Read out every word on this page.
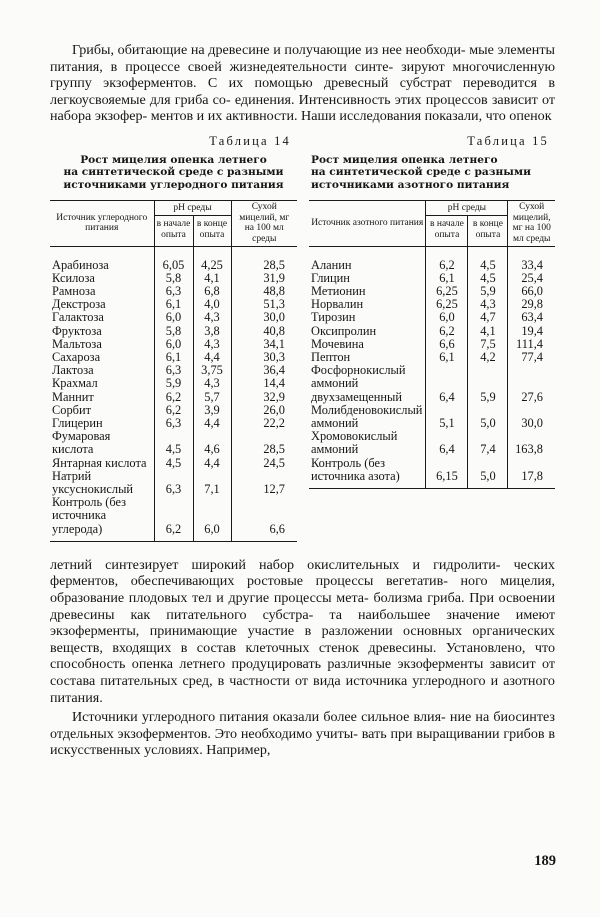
Грибы, обитающие на древесине и получающие из нее необходи- мые элементы питания, в процессе своей жизнедеятельности синте- зируют многочисленную группу экзоферментов. С их помощью древесный субстрат переводится в легкоусвояемые для гриба со- единения. Интенсивность этих процессов зависит от набора экзофер- ментов и их активности. Наши исследования показали, что опенок

Таблица 14

Рост мицелия опенка летнего
на синтетической среде с разными
источниками углеродного питания

Источник углеродного питания	pH среды		Сухой мицелий, мг на 100 мл среды
	в начале опыта	в конце опыта	
Арабиноза	6,05	4,25	28,5
Ксилоза	5,8	4,1	31,9
Рамноза	6,3	6,8	48,8
Декстроза	6,1	4,0	51,3
Галактоза	6,0	4,3	30,0
Фруктоза	5,8	3,8	40,8
Мальтоза	6,0	4,3	34,1
Сахароза	6,1	4,4	30,3
Лактоза	6,3	3,75	36,4
Крахмал	5,9	4,3	14,4
Маннит	6,2	5,7	32,9
Сорбит	6,2	3,9	26,0
Глицерин	6,3	4,4	22,2
Фумаровая кислота	4,5	4,6	28,5
Янтарная кислота	4,5	4,4	24,5
Натрий уксуснокислый	6,3	7,1	12,7
Контроль (без источника углерода)	6,2	6,0	6,6

Таблица 15

Рост мицелия опенка летнего
на синтетической среде с разными
источниками азотного питания

Источник азотного питания	pH среды		Сухой мицелий, мг на 100 мл среды
	в начале опыта	в конце опыта	
Аланин	6,2	4,5	33,4
Глицин	6,1	4,5	25,4
Метионин	6,25	5,9	66,0
Норвалин	6,25	4,3	29,8
Тирозин	6,0	4,7	63,4
Оксипролин	6,2	4,1	19,4
Мочевина	6,6	7,5	111,4
Пептон	6,1	4,2	77,4
Фосфорнокислый аммоний двухзамещенный	6,4	5,9	27,6
Молибденовокислый аммоний	5,1	5,0	30,0
Хромовокислый аммоний	6,4	7,4	163,8
Контроль (без источника азота)	6,15	5,0	17,8

летний синтезирует широкий набор окислительных и гидролити- ческих ферментов, обеспечивающих ростовые процессы вегетатив- ного мицелия, образование плодовых тел и другие процессы мета- болизма гриба. При освоении древесины как питательного субстра- та наибольшее значение имеют экзоферменты, принимающие участие в разложении основных органических веществ, входящих в состав клеточных стенок древесины. Установлено, что способность опенка летнего продуцировать различные экзоферменты зависит от состава питательных сред, в частности от вида источника углеродного и азотного питания.

Источники углеродного питания оказали более сильное влия- ние на биосинтез отдельных экзоферментов. Это необходимо учиты- вать при выращивании грибов в искусственных условиях. Например,

189
